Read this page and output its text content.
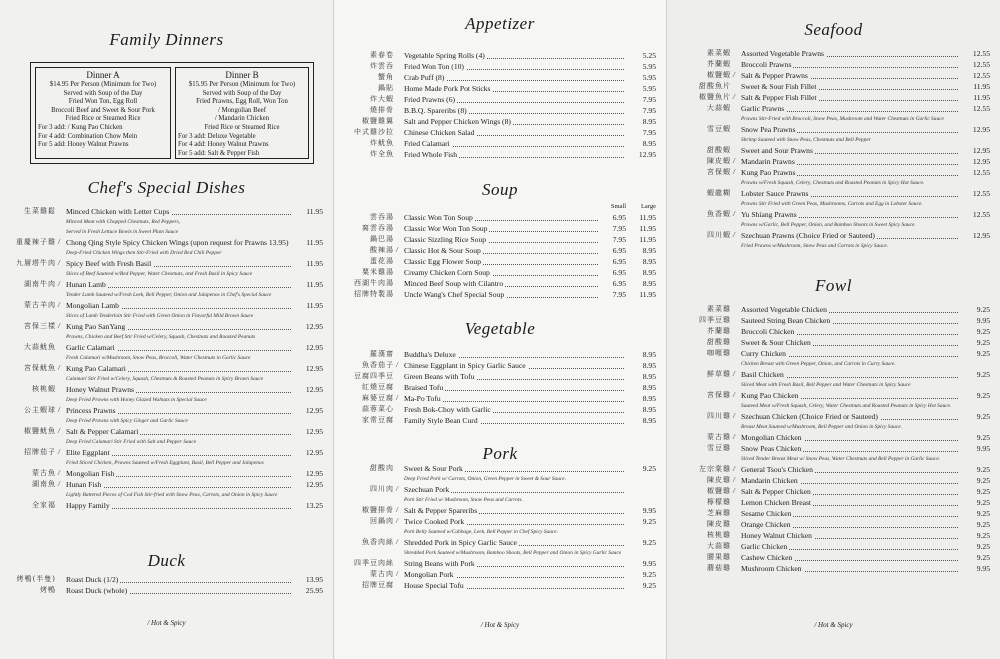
Family Dinners
Dinner A
$14.95 Per Person (Minimum for Two)
Served with Soup of the Day
Fried Won Ton, Egg Roll
Broccoli Beef and Sweet & Sour Pork
Fried Rice or Steamed Rice
For 3 add: / Kung Pao Chicken
For 4 add: Combination Chow Mein
For 5 add: Honey Walnut Prawns
Dinner B
$15.95 Per Person (Minimum for Two)
Served with Soup of the Day
Fried Prawns, Egg Roll, Won Ton
/ Mongolian Beef
/ Mandarin Chicken
Fried Rice or Steamed Rice
For 3 add: Deluxe Vegetable
For 4 add: Honey Walnut Prawns
For 5 add: Salt & Pepper Fish
Chef's Special Dishes
生菜雞鬆 Minced Chicken with Letter Cups	11.95
Minced Meat with Chopped Chestnuts, Red Peppers,
Served in Fresh Lettuce Bowls in Sweet Plum Sauce
重慶辣子雞 / Chong Qing Style Spicy Chicken Wings (upon request for Prawns 13.95)	11.95
Deep-Fried Chicken Wings then Stir-Fried with Dried Red Chili Pepper
九層塔牛肉 / Spicy Beef with Fresh Basil	11.95
Slices of Beef Sauteed w/Red Pepper, Water Chestnuts, and Fresh Basil in Spicy Sauce
湖南牛肉 / Hunan Lamb	11.95
Tender Lamb Sauteed w/Fresh Leek, Bell Pepper, Onion and Jalapenos in Chef's Special Sauce
蒙古羊肉 / Mongolian Lamb	11.95
Slices of Lamb Tenderloin Stir Fried with Green Onion in Flavorful Mild Brown Sauce
宮保三樣 / Kung Pao SanYang	12.95
Prawns, Chicken and Beef Stir Fried w/Celery, Squash, Chestnuts and Roasted Peanuts
大蒜魷魚 Garlic Calamari	12.95
Fresh Calamari w/Mushroom, Snow Peas, Broccoli, Water Chestnuts in Garlic Sauce
宮保魷魚 / Kung Pao Calamari	12.95
Calamari Stir Fried w/Celery, Squash, Chestnuts & Roasted Peanuts in Spicy Brown Sauce
核桃蝦 Honey Walnut Prawns	12.95
Deep Fried Prawns with Honey Glazed Walnuts in Special Sauce
公主蝦球 / Princess Prawns	12.95
Deep Fried Prawns with Spicy Ginger and Garlic Sauce
椒鹽魷魚 / Salt & Pepper Calamari	12.95
Deep Fried Calamari Stir Fried with Salt and Pepper Sauce
招牌茄子 / Elite Eggplant	12.95
Fried Sliced Chicken, Prawns Sauteed w/Fresh Eggplant, Basil, Bell Pepper and Jalapenos
蒙古魚 / Mongolian Fish	12.95
湖南魚 / Hunan Fish	12.95
Lightly Battered Pieces of Cod Fish Stir-fried with Snow Peas, Carrots, and Onion in Spicy Sauce
全家福 Happy Family	13.25
Duck
烤鴨(半隻) Roast Duck (1/2)	13.95
烤鴨 Roast Duck (whole)	25.95
/ Hot & Spicy
Appetizer
素春卷 Vegetable Spring Rolls (4)	5.25
炸雲吞 Fried Won Ton (10)	5.95
蟹角 Crab Puff (8)	5.95
鍋貼 Home Made Pork Pot Sticks	5.95
炸大蝦 Fried Prawns (6)	7.95
燒排骨 B.B.Q. Spareribs (8)	7.95
椒鹽雞翼 Salt and Pepper Chicken Wings (8)	8.95
中式雞沙拉 Chinese Chicken Salad	7.95
炸魷魚 Fried Calamari	8.95
炸全魚 Fried Whole Fish	12.95
Soup
Small	Large
雲吞湯 Classic Won Ton Soup	6.95	11.95
窩雲吞湯 Classic Wor Won Ton Soup	7.95	11.95
鍋巴湯 Classic Sizzling Rice Soup	7.95	11.95
酸辣湯 / Classic Hot & Sour Soup	6.95	8.95
蛋花湯 Classic Egg Flower Soup	6.95	8.95
粟米雞湯 Creamy Chicken Corn Soup	6.95	8.95
西湖牛肉湯 Minced Beef Soup with Cilantro	6.95	8.95
招牌特製湯 Uncle Wang's Chef Special Soup	7.95	11.95
Vegetable
羅漢齋 Buddha's Deluxe	8.95
魚香茄子 / Chinese Eggplant in Spicy Garlic Sauce	8.95
豆腐四季豆 Green Beans with Tofu	8.95
紅燒豆腐 Braised Tofu	8.95
麻婆豆腐 / Ma-Po Tofu	8.95
蒜蓉菜心 Fresh Bok-Choy with Garlic	8.95
家常豆腐 Family Style Bean Curd	8.95
Pork
甜酸肉 Sweet & Sour Pork	9.25
Deep Fried Pork w/ Carrots, Onion, Green Pepper in Sweet & Sour Sauce.
四川肉 / Szechuan Pork
Pork Stir Fried w/ Mushroom, Snow Peas and Carrots.
椒鹽排骨 / Salt & Pepper Spareribs	9.95
回鍋肉 / Twice Cooked Pork	9.25
Pork Belly Sauteed w/Cabbage, Leek, Bell Pepper in Chef Spicy Sauce.
魚香肉絲 / Shredded Pork in Spicy Garlic Sauce	9.25
Shredded Pork Sauteed w/Mushroom, Bamboo Shoots, Bell Pepper and Onion in Spicy Garlic Sauce
四季豆肉絲 String Beans with Pork	9.95
蒙古肉 / Mongolian Pork	9.25
招牌豆腐 House Special Tofu	9.25
/ Hot & Spicy
Seafood
素菜蝦 Assorted Vegetable Prawns	12.55
芥蘭蝦 Broccoli Prawns	12.55
椒鹽蝦 / Salt & Pepper Prawns	12.55
甜酸魚片 Sweet & Sour Fish Fillet	11.95
椒鹽魚片 / Salt & Pepper Fish Fillet	11.95
大蒜蝦 Garlic Prawns	12.55
Prawns Stir-Fried with Broccoli, Snow Peas, Mushroom and Water Chestnuts in Garlic Sauce
雪豆蝦 Snow Pea Prawns	12.95
Shrimp Sauteed with Snow Peas, Chestnuts and Bell Pepper
甜酸蝦 Sweet and Sour Prawns	12.95
陳皮蝦 / Mandarin Prawns	12.95
宮保蝦 / Kung Pao Prawns	12.55
Prawns w/Fresh Squash, Celery, Chestnuts and Roasted Peanuts in Spicy Hot Sauce.
蝦龍糊 Lobster Sauce Prawns	12.55
Prawns Stir Fried with Green Peas, Mushrooms, Carrots and Egg in Lobster Sauce.
魚香蝦 / Yu Shiang Prawns	12.55
Prawns w/Garlic, Bell Pepper, Onion, and Bamboo Shoots in Sweet Spicy Sauce.
四川蝦 / Szechuan Prawns (Choice Fried or Sauteed)	12.95
Fried Prawns w/Mushroom, Snow Peas and Carrots in Spicy Sauce.
Fowl
素菜雞 Assorted Vegetable Chicken	9.25
四季豆雞 Sauteed String Bean Chicken	9.95
芥蘭雞 Broccoli Chicken	9.25
甜酸雞 Sweet & Sour Chicken	9.25
咖喱雞 Curry Chicken	9.25
Chicken Breast with Green Pepper, Onion, and Carrots in Curry Sauce.
鮮草雞 / Basil Chicken	9.25
Sliced Meat with Fresh Basil, Bell Pepper and Water Chestnuts in Spicy Sauce
宮保雞 / Kung Pao Chicken	9.25
Sauteed Meat w/Fresh Squash, Celery, Water Chestnuts and Roasted Peanuts in Spicy Hot Sauce.
四川雞 / Szechuan Chicken (Choice Fried or Sauteed)	9.25
Breast Meat Sauteed w/Mushroom, Bell Pepper and Onion in Spicy Sauce.
蒙古雞 / Mongolian Chicken	9.25
雪豆雞 Snow Peas Chicken	9.95
Sliced Tender Breast Meat w/ Snow Peas, Water Chestnuts and Bell Pepper in Garlic Sauce.
左宗棠雞 / General Tsou's Chicken	9.25
陳皮雞 / Mandarin Chicken	9.25
椒鹽雞 / Salt & Pepper Chicken	9.25
檸檬雞 Lemon Chicken Breast	9.25
芝麻雞 Sesame Chicken	9.25
陳皮雞 Orange Chicken	9.25
核桃雞 Honey Walnut Chicken	9.25
大蒜雞 Garlic Chicken	9.25
腰果雞 Cashew Chicken	9.25
蘑菇雞 Mushroom Chicken	9.95
/ Hot & Spicy
